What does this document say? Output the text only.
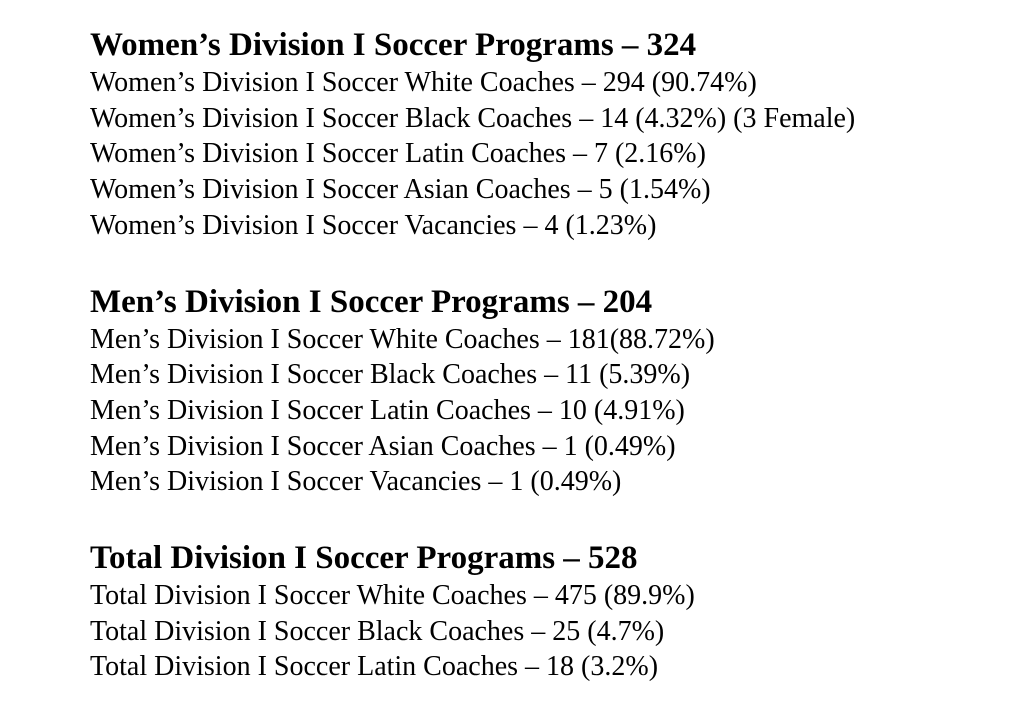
Women’s Division I Soccer Programs – 324

Women’s Division I Soccer White Coaches – 294 (90.74%)

Women’s Division I Soccer Black Coaches – 14 (4.32%) (3 Female)

Women’s Division I Soccer Latin Coaches – 7 (2.16%)

Women’s Division I Soccer Asian Coaches – 5 (1.54%)

Women’s Division I Soccer Vacancies – 4 (1.23%)

Men’s Division I Soccer Programs – 204

Men’s Division I Soccer White Coaches – 181(88.72%)

Men’s Division I Soccer Black Coaches – 11 (5.39%)

Men’s Division I Soccer Latin Coaches – 10 (4.91%)

Men’s Division I Soccer Asian Coaches – 1 (0.49%)

Men’s Division I Soccer Vacancies – 1 (0.49%)

Total Division I Soccer Programs – 528

Total Division I Soccer White Coaches – 475 (89.9%)

Total Division I Soccer Black Coaches – 25 (4.7%)

Total Division I Soccer Latin Coaches – 18 (3.2%)
